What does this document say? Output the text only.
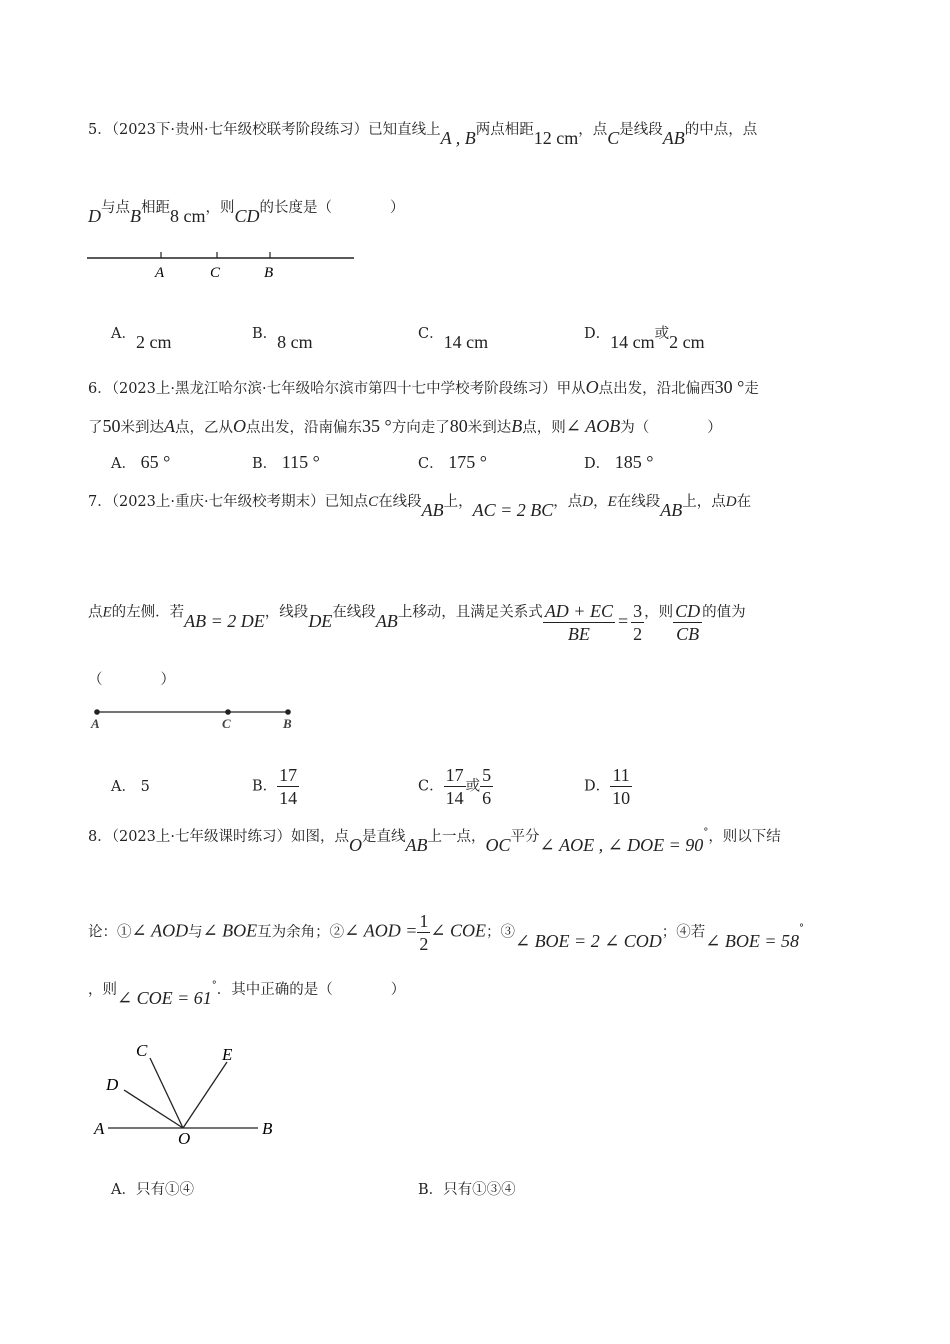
5．（2023下·贵州·七年级校联考阶段练习）已知直线上A , B两点相距12 cm，点C是线段AB的中点，点
D与点B相距8 cm，则CD的长度是（　　　　）
A	C	B
A．2 cm	B．8 cm	C．14 cm	D．14 cm或2 cm
6．（2023上·黑龙江哈尔滨·七年级哈尔滨市第四十七中学校考阶段练习）甲从O点出发，沿北偏西30 °走
了50米到达A点，乙从O点出发，沿南偏东35 °方向走了80米到达B点，则∠ AOB为（　　　　）
A． 65 °	B． 115 °	C． 175 °	D． 185 °
7．（2023上·重庆·七年级校考期末）已知点C在线段AB上，AC = 2 BC，点D，E在线段AB上，点D在
点E的左侧．若AB = 2 DE，线段DE在线段AB上移动，且满足关系式 $\frac{AD + EC}{BE} = \frac{3}{2}$ ，则 $\frac{CD}{CB}$ 的值为
（　　　　）
A	C	B
A． 5	B． $\frac{17}{14}$	C． $\frac{17}{14}$ 或 $\frac{5}{6}$	D． $\frac{11}{10}$
8．（2023上·七年级课时练习）如图，点O是直线AB上一点，OC平分∠ AOE , ∠ DOE = 90°，则以下结
论：①∠ AOD与∠ BOE互为余角；②∠ AOD = $\frac{1}{2}$ ∠ COE；③∠ BOE = 2 ∠ COD；④若∠ BOE = 58°
，则∠ COE = 61°．其中正确的是（　　　　）
C	E
D
A
O
B
A．只有①④	B．只有①③④
